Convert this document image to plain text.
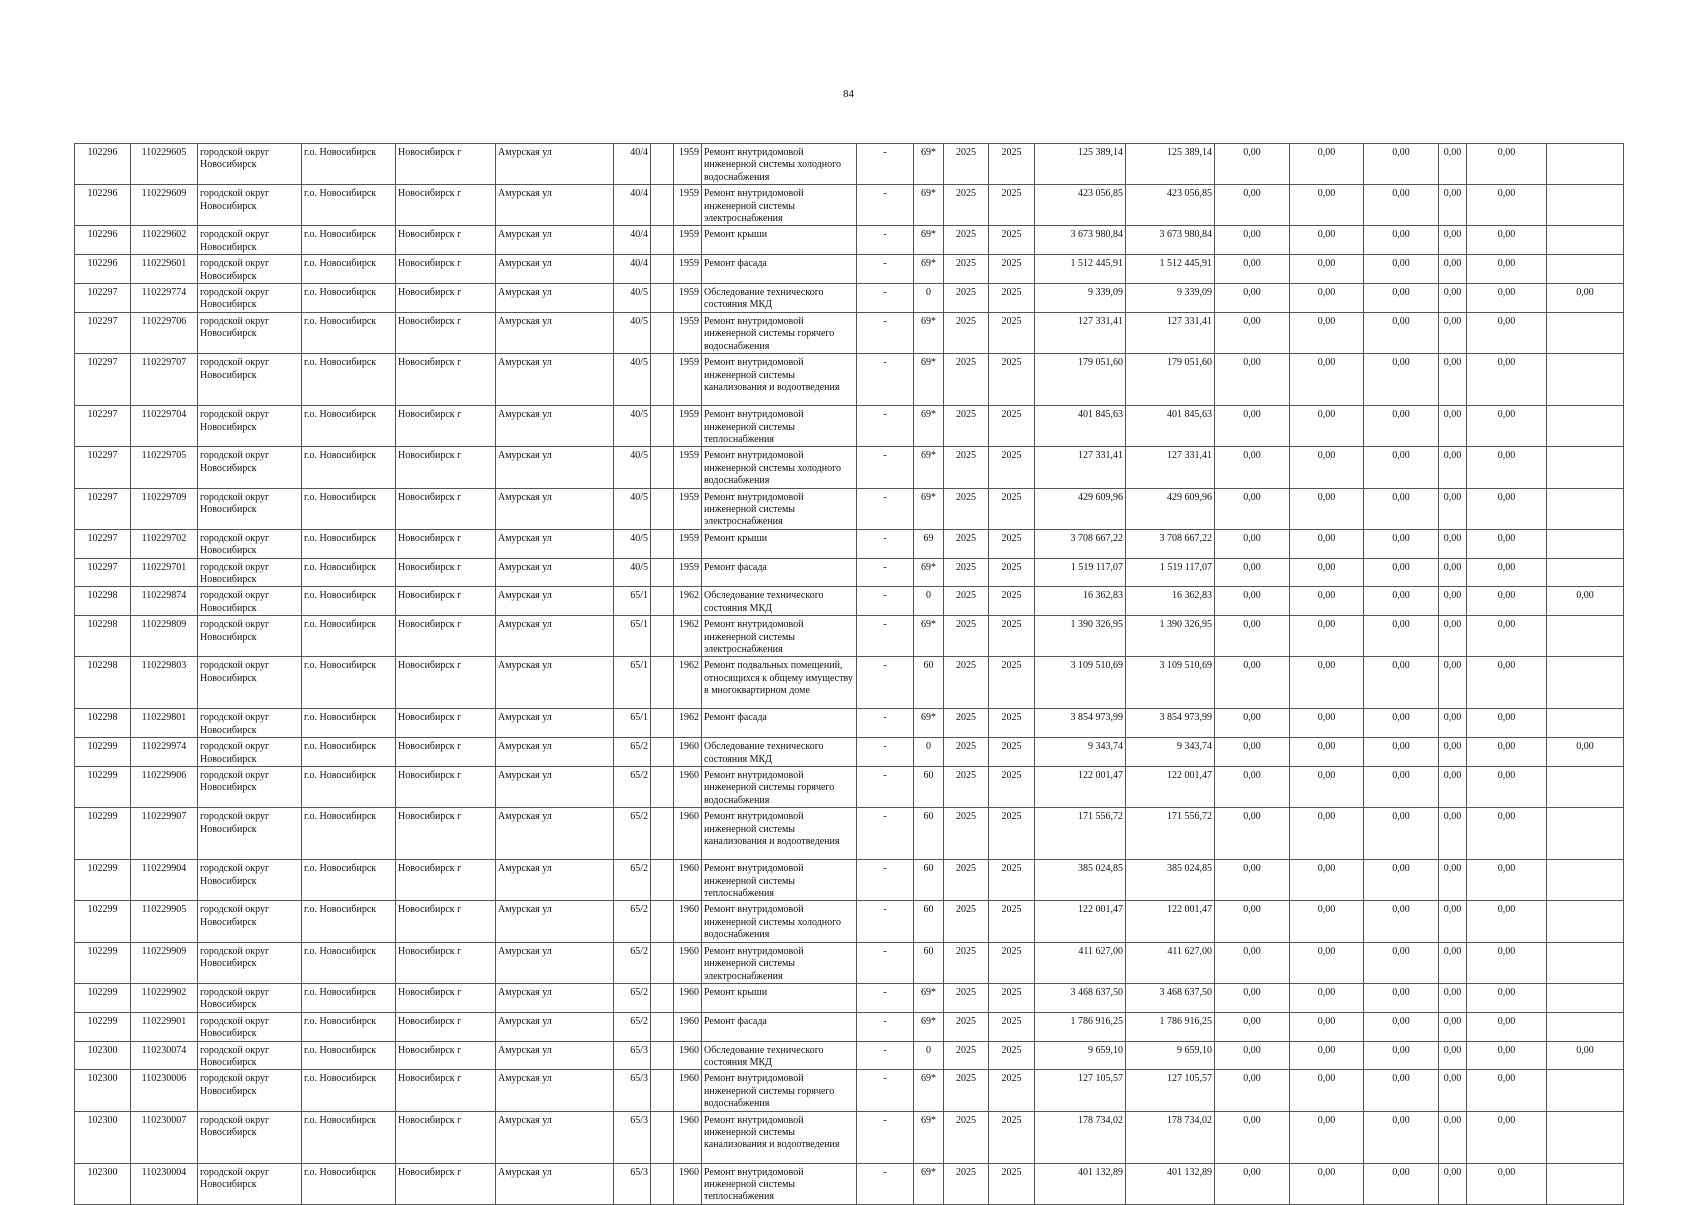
84
102296	110229605	городской округ Новосибирск	г.о. Новосибирск	Новосибирск г	Амурская ул	40/4		1959	Ремонт внутридомовой инженерной системы холодного водоснабжения	-	69*	2025	2025	125 389,14	125 389,14	0,00	0,00	0,00	0,00	0,00	
102296	110229609	городской округ Новосибирск	г.о. Новосибирск	Новосибирск г	Амурская ул	40/4		1959	Ремонт внутридомовой инженерной системы электроснабжения	-	69*	2025	2025	423 056,85	423 056,85	0,00	0,00	0,00	0,00	0,00	
102296	110229602	городской округ Новосибирск	г.о. Новосибирск	Новосибирск г	Амурская ул	40/4		1959	Ремонт крыши	-	69*	2025	2025	3 673 980,84	3 673 980,84	0,00	0,00	0,00	0,00	0,00	
102296	110229601	городской округ Новосибирск	г.о. Новосибирск	Новосибирск г	Амурская ул	40/4		1959	Ремонт фасада	-	69*	2025	2025	1 512 445,91	1 512 445,91	0,00	0,00	0,00	0,00	0,00	
102297	110229774	городской округ Новосибирск	г.о. Новосибирск	Новосибирск г	Амурская ул	40/5		1959	Обследование технического состояния МКД	-	0	2025	2025	9 339,09	9 339,09	0,00	0,00	0,00	0,00	0,00	0,00
102297	110229706	городской округ Новосибирск	г.о. Новосибирск	Новосибирск г	Амурская ул	40/5		1959	Ремонт внутридомовой инженерной системы горячего водоснабжения	-	69*	2025	2025	127 331,41	127 331,41	0,00	0,00	0,00	0,00	0,00	
102297	110229707	городской округ Новосибирск	г.о. Новосибирск	Новосибирск г	Амурская ул	40/5		1959	Ремонт внутридомовой инженерной системы канализования и водоотведения	-	69*	2025	2025	179 051,60	179 051,60	0,00	0,00	0,00	0,00	0,00	
102297	110229704	городской округ Новосибирск	г.о. Новосибирск	Новосибирск г	Амурская ул	40/5		1959	Ремонт внутридомовой инженерной системы теплоснабжения	-	69*	2025	2025	401 845,63	401 845,63	0,00	0,00	0,00	0,00	0,00	
102297	110229705	городской округ Новосибирск	г.о. Новосибирск	Новосибирск г	Амурская ул	40/5		1959	Ремонт внутридомовой инженерной системы холодного водоснабжения	-	69*	2025	2025	127 331,41	127 331,41	0,00	0,00	0,00	0,00	0,00	
102297	110229709	городской округ Новосибирск	г.о. Новосибирск	Новосибирск г	Амурская ул	40/5		1959	Ремонт внутридомовой инженерной системы электроснабжения	-	69*	2025	2025	429 609,96	429 609,96	0,00	0,00	0,00	0,00	0,00	
102297	110229702	городской округ Новосибирск	г.о. Новосибирск	Новосибирск г	Амурская ул	40/5		1959	Ремонт крыши	-	69	2025	2025	3 708 667,22	3 708 667,22	0,00	0,00	0,00	0,00	0,00	
102297	110229701	городской округ Новосибирск	г.о. Новосибирск	Новосибирск г	Амурская ул	40/5		1959	Ремонт фасада	-	69*	2025	2025	1 519 117,07	1 519 117,07	0,00	0,00	0,00	0,00	0,00	
102298	110229874	городской округ Новосибирск	г.о. Новосибирск	Новосибирск г	Амурская ул	65/1		1962	Обследование технического состояния МКД	-	0	2025	2025	16 362,83	16 362,83	0,00	0,00	0,00	0,00	0,00	0,00
102298	110229809	городской округ Новосибирск	г.о. Новосибирск	Новосибирск г	Амурская ул	65/1		1962	Ремонт внутридомовой инженерной системы электроснабжения	-	69*	2025	2025	1 390 326,95	1 390 326,95	0,00	0,00	0,00	0,00	0,00	
102298	110229803	городской округ Новосибирск	г.о. Новосибирск	Новосибирск г	Амурская ул	65/1		1962	Ремонт подвальных помещений, относящихся к общему имуществу в многоквартирном доме	-	60	2025	2025	3 109 510,69	3 109 510,69	0,00	0,00	0,00	0,00	0,00	
102298	110229801	городской округ Новосибирск	г.о. Новосибирск	Новосибирск г	Амурская ул	65/1		1962	Ремонт фасада	-	69*	2025	2025	3 854 973,99	3 854 973,99	0,00	0,00	0,00	0,00	0,00	
102299	110229974	городской округ Новосибирск	г.о. Новосибирск	Новосибирск г	Амурская ул	65/2		1960	Обследование технического состояния МКД	-	0	2025	2025	9 343,74	9 343,74	0,00	0,00	0,00	0,00	0,00	0,00
102299	110229906	городской округ Новосибирск	г.о. Новосибирск	Новосибирск г	Амурская ул	65/2		1960	Ремонт внутридомовой инженерной системы горячего водоснабжения	-	60	2025	2025	122 001,47	122 001,47	0,00	0,00	0,00	0,00	0,00	
102299	110229907	городской округ Новосибирск	г.о. Новосибирск	Новосибирск г	Амурская ул	65/2		1960	Ремонт внутридомовой инженерной системы канализования и водоотведения	-	60	2025	2025	171 556,72	171 556,72	0,00	0,00	0,00	0,00	0,00	
102299	110229904	городской округ Новосибирск	г.о. Новосибирск	Новосибирск г	Амурская ул	65/2		1960	Ремонт внутридомовой инженерной системы теплоснабжения	-	60	2025	2025	385 024,85	385 024,85	0,00	0,00	0,00	0,00	0,00	
102299	110229905	городской округ Новосибирск	г.о. Новосибирск	Новосибирск г	Амурская ул	65/2		1960	Ремонт внутридомовой инженерной системы холодного водоснабжения	-	60	2025	2025	122 001,47	122 001,47	0,00	0,00	0,00	0,00	0,00	
102299	110229909	городской округ Новосибирск	г.о. Новосибирск	Новосибирск г	Амурская ул	65/2		1960	Ремонт внутридомовой инженерной системы электроснабжения	-	60	2025	2025	411 627,00	411 627,00	0,00	0,00	0,00	0,00	0,00	
102299	110229902	городской округ Новосибирск	г.о. Новосибирск	Новосибирск г	Амурская ул	65/2		1960	Ремонт крыши	-	69*	2025	2025	3 468 637,50	3 468 637,50	0,00	0,00	0,00	0,00	0,00	
102299	110229901	городской округ Новосибирск	г.о. Новосибирск	Новосибирск г	Амурская ул	65/2		1960	Ремонт фасада	-	69*	2025	2025	1 786 916,25	1 786 916,25	0,00	0,00	0,00	0,00	0,00	
102300	110230074	городской округ Новосибирск	г.о. Новосибирск	Новосибирск г	Амурская ул	65/3		1960	Обследование технического состояния МКД	-	0	2025	2025	9 659,10	9 659,10	0,00	0,00	0,00	0,00	0,00	0,00
102300	110230006	городской округ Новосибирск	г.о. Новосибирск	Новосибирск г	Амурская ул	65/3		1960	Ремонт внутридомовой инженерной системы горячего водоснабжения	-	69*	2025	2025	127 105,57	127 105,57	0,00	0,00	0,00	0,00	0,00	
102300	110230007	городской округ Новосибирск	г.о. Новосибирск	Новосибирск г	Амурская ул	65/3		1960	Ремонт внутридомовой инженерной системы канализования и водоотведения	-	69*	2025	2025	178 734,02	178 734,02	0,00	0,00	0,00	0,00	0,00	
102300	110230004	городской округ Новосибирск	г.о. Новосибирск	Новосибирск г	Амурская ул	65/3		1960	Ремонт внутридомовой инженерной системы теплоснабжения	-	69*	2025	2025	401 132,89	401 132,89	0,00	0,00	0,00	0,00	0,00	
